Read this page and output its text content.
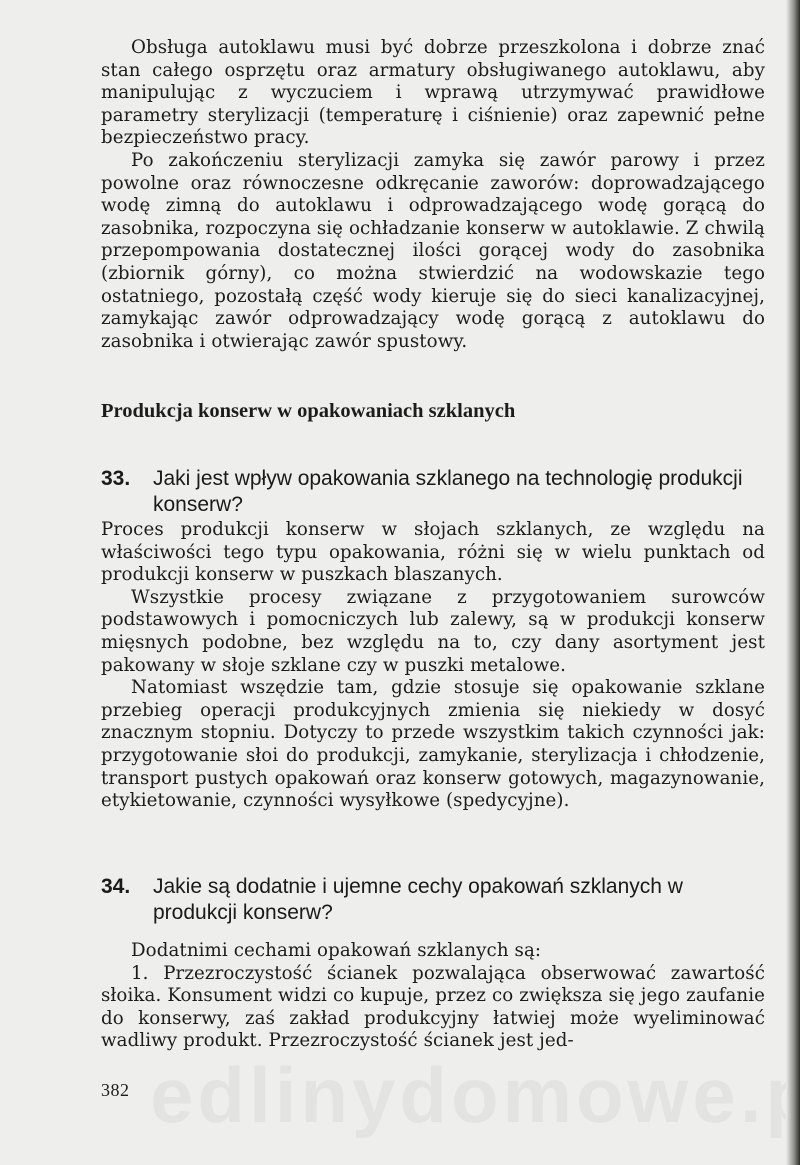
Obsługa autoklawu musi być dobrze przeszkolona i dobrze znać stan całego osprzętu oraz armatury obsługiwanego autoklawu, aby manipulując z wyczuciem i wprawą utrzymywać prawidłowe parametry sterylizacji (temperaturę i ciśnienie) oraz zapewnić pełne bezpieczeństwo pracy.

Po zakończeniu sterylizacji zamyka się zawór parowy i przez powolne oraz równoczesne odkręcanie zaworów: doprowadzającego wodę zimną do autoklawu i odprowadzającego wodę gorącą do zasobnika, rozpoczyna się ochładzanie konserw w autoklawie. Z chwilą przepompowania dostatecznej ilości gorącej wody do zasobnika (zbiornik górny), co można stwierdzić na wodowskazie tego ostatniego, pozostałą część wody kieruje się do sieci kanalizacyjnej, zamykając zawór odprowadzający wodę gorącą z autoklawu do zasobnika i otwierając zawór spustowy.

Produkcja konserw w opakowaniach szklanych
33. Jaki jest wpływ opakowania szklanego na technologię produkcji konserw?

Proces produkcji konserw w słojach szklanych, ze względu na właściwości tego typu opakowania, różni się w wielu punktach od produkcji konserw w puszkach blaszanych.

Wszystkie procesy związane z przygotowaniem surowców podstawowych i pomocniczych lub zalewy, są w produkcji konserw mięsnych podobne, bez względu na to, czy dany asortyment jest pakowany w słoje szklane czy w puszki metalowe.

Natomiast wszędzie tam, gdzie stosuje się opakowanie szklane przebieg operacji produkcyjnych zmienia się niekiedy w dosyć znacznym stopniu. Dotyczy to przede wszystkim takich czynności jak: przygotowanie słoi do produkcji, zamykanie, sterylizacja i chłodzenie, transport pustych opakowań oraz konserw gotowych, magazynowanie, etykietowanie, czynności wysyłkowe (spedycyjne).

34. Jakie są dodatnie i ujemne cechy opakowań szklanych w produkcji konserw?

Dodatnimi cechami opakowań szklanych są:

1. Przezroczystość ścianek pozwalająca obserwować zawartość słoika. Konsument widzi co kupuje, przez co zwiększa się jego zaufanie do konserwy, zaś zakład produkcyjny łatwiej może wyeliminować wadliwy produkt. Przezroczystość ścianek jest jed-

382
